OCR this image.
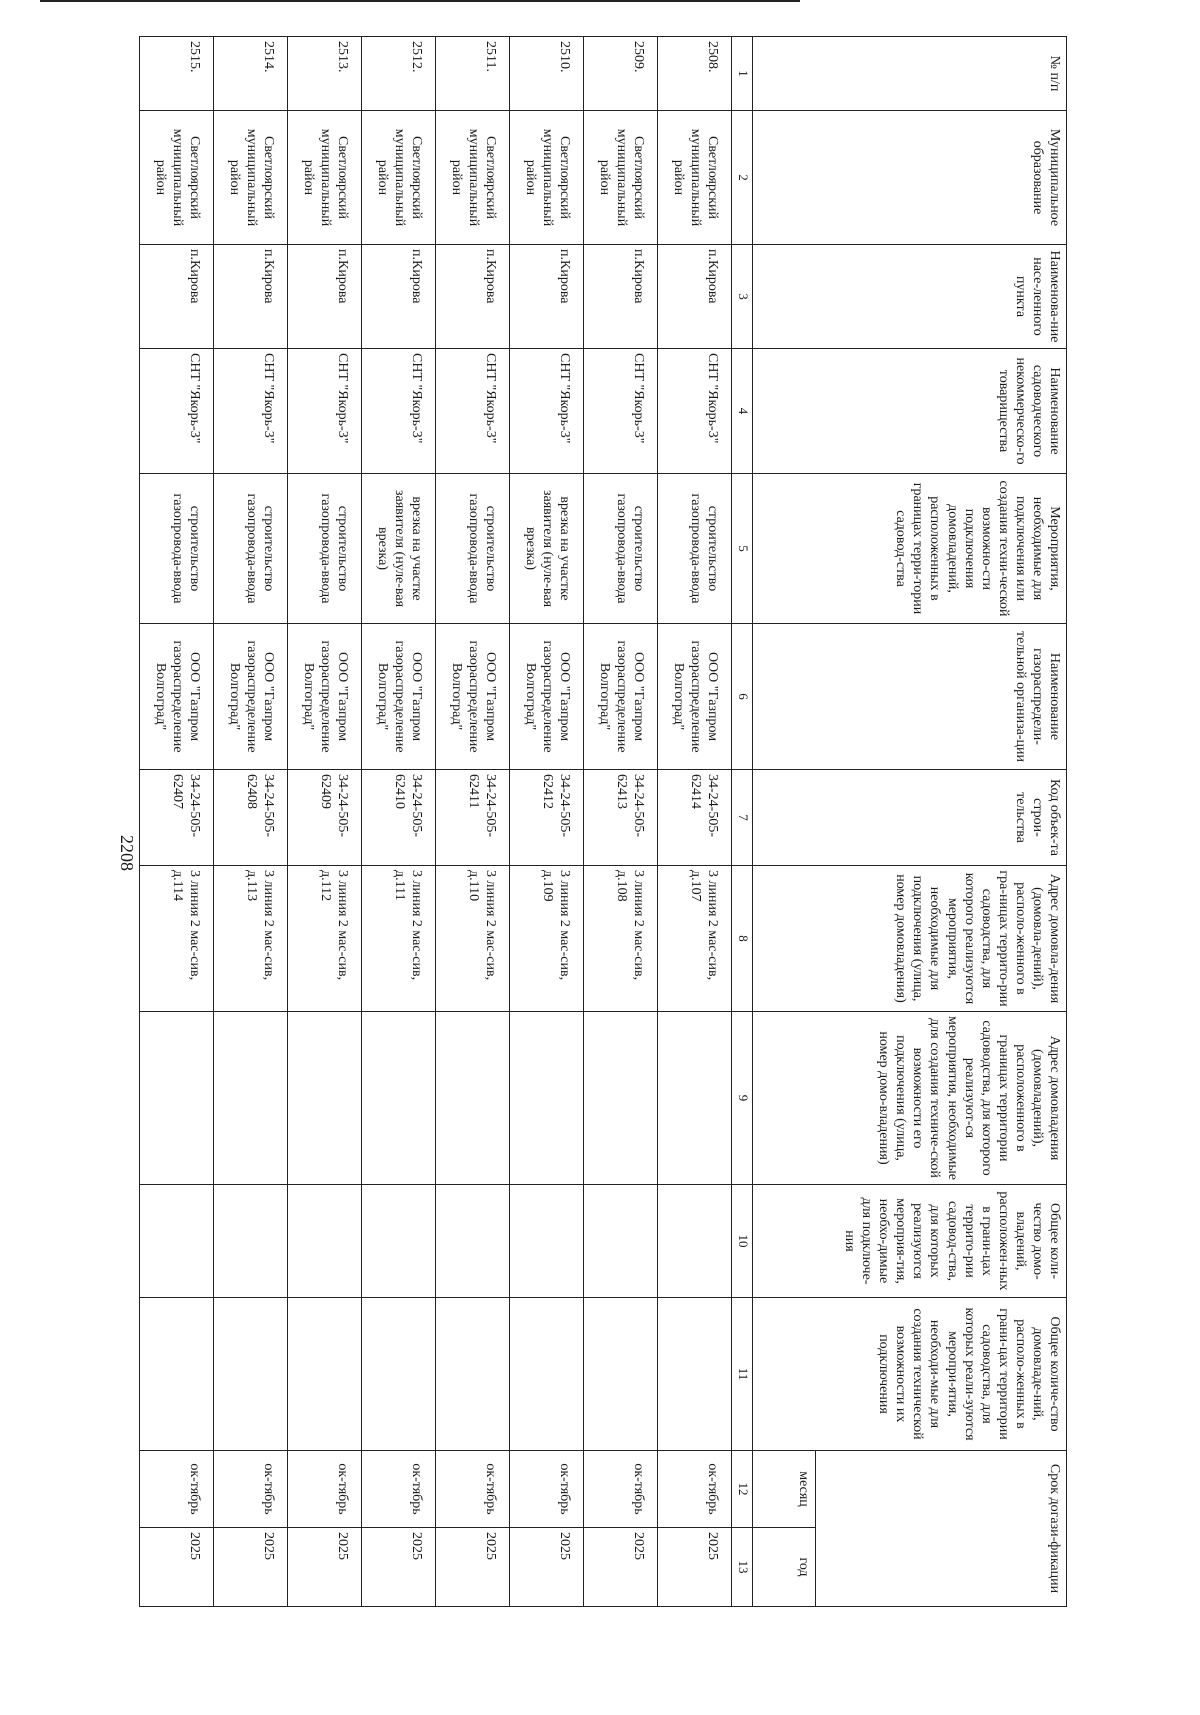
2208
№ п/п	Муниципальное образование	Наименова-ние насе-ленного пункта	Наименование садоводческого некоммерческо-го товарищества	Мероприятия, необходимые для подключения или создания техни-ческой возможно-сти подключения домовладений, расположенных в границах терри-тории садовод-ства	Наименование газораспредели-тельной организа-ции	Код объек-та строи-тельства	Адрес домовла-дения (домовла-дений), располо-женного в гра-ницах террито-рии садоводства, для которого реализуются мероприятия, необходимые для подключения (улица, номер домовладения)	Адрес домовладения (домовладений), расположенного в границах территории садоводства, для которого реализуют-ся мероприятия, необходимые для создания техниче-ской возможности его подключения (улица, номер домо-владения)	Общее коли-чество домо-владений, расположен-ных в грани-цах террито-рии садовод-ства, для которых реализуются мероприя-тия, необхо-димые для подключе-ния	Общее количе-ство домовладе-ний, располо-женных в грани-цах территории садоводства, для которых реали-зуются меропри-ятия, необходи-мые для создания технической возможности их подключения	Срок догази-фикации	
											месяц	год
1	2	3	4	5	6	7	8	9	10	11	12	13
2508.	Светлоярский муниципальный район	п.Кирова	СНТ "Якорь-3"	строительство газопровода-ввода	ООО "Газпром газораспределение Волгоград"	34-24-505-62414	3 линия 2 мас-сив, д.107				ок-тябрь	2025
2509.	Светлоярский муниципальный район	п.Кирова	СНТ "Якорь-3"	строительство газопровода-ввода	ООО "Газпром газораспределение Волгоград"	34-24-505-62413	3 линия 2 мас-сив, д.108				ок-тябрь	2025
2510.	Светлоярский муниципальный район	п.Кирова	СНТ "Якорь-3"	врезка на участке заявителя (нуле-вая врезка)	ООО "Газпром газораспределение Волгоград"	34-24-505-62412	3 линия 2 мас-сив, д.109				ок-тябрь	2025
2511.	Светлоярский муниципальный район	п.Кирова	СНТ "Якорь-3"	строительство газопровода-ввода	ООО "Газпром газораспределение Волгоград"	34-24-505-62411	3 линия 2 мас-сив, д.110				ок-тябрь	2025
2512.	Светлоярский муниципальный район	п.Кирова	СНТ "Якорь-3"	врезка на участке заявителя (нуле-вая врезка)	ООО "Газпром газораспределение Волгоград"	34-24-505-62410	3 линия 2 мас-сив, д.111				ок-тябрь	2025
2513.	Светлоярский муниципальный район	п.Кирова	СНТ "Якорь-3"	строительство газопровода-ввода	ООО "Газпром газораспределение Волгоград"	34-24-505-62409	3 линия 2 мас-сив, д.112				ок-тябрь	2025
2514.	Светлоярский муниципальный район	п.Кирова	СНТ "Якорь-3"	строительство газопровода-ввода	ООО "Газпром газораспределение Волгоград"	34-24-505-62408	3 линия 2 мас-сив, д.113				ок-тябрь	2025
2515.	Светлоярский муниципальный район	п.Кирова	СНТ "Якорь-3"	строительство газопровода-ввода	ООО "Газпром газораспределение Волгоград"	34-24-505-62407	3 линия 2 мас-сив, д.114				ок-тябрь	2025
